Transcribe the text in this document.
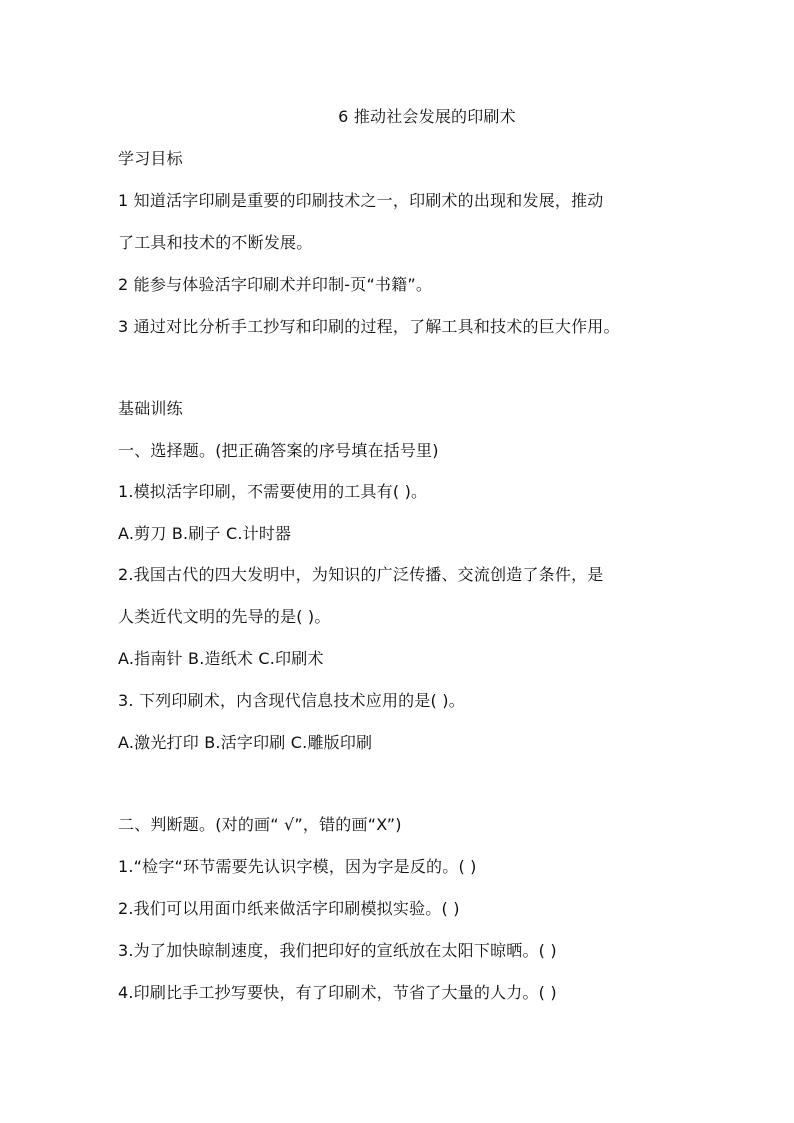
6 推动社会发展的印刷术
学习目标
1 知道活字印刷是重要的印刷技术之一，印刷术的出现和发展，推动
了工具和技术的不断发展。
2 能参与体验活字印刷术并印制-页“书籍”。
3 通过对比分析手工抄写和印刷的过程，了解工具和技术的巨大作用。
基础训练
一、选择题。(把正确答案的序号填在括号里)
1.模拟活字印刷，不需要使用的工具有( )。
A.剪刀 B.刷子 C.计时器
2.我国古代的四大发明中，为知识的广泛传播、交流创造了条件，是
人类近代文明的先导的是( )。
A.指南针 B.造纸术 C.印刷术
3. 下列印刷术，内含现代信息技术应用的是( )。
A.激光打印 B.活字印刷 C.雕版印刷
二、判断题。(对的画“ √”，错的画“X”)
1.“检字“环节需要先认识字模，因为字是反的。( )
2.我们可以用面巾纸来做活字印刷模拟实验。( )
3.为了加快晾制速度，我们把印好的宣纸放在太阳下晾晒。( )
4.印刷比手工抄写要快，有了印刷术，节省了大量的人力。( )
